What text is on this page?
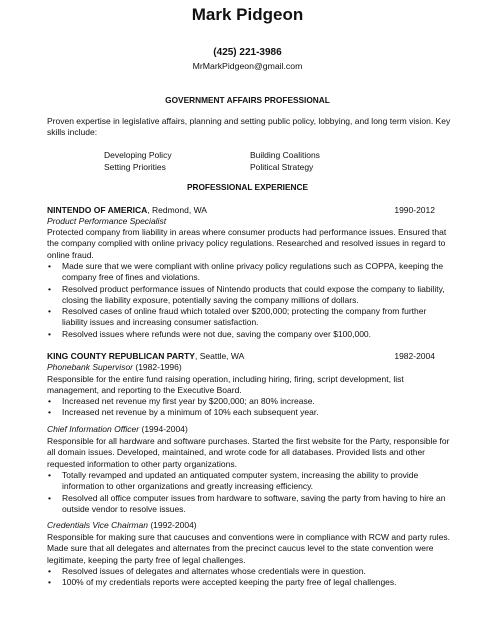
Mark Pidgeon
(425) 221-3986
MrMarkPidgeon@gmail.com
GOVERNMENT AFFAIRS PROFESSIONAL
Proven expertise in legislative affairs, planning and setting public policy, lobbying, and long term vision. Key skills include:
Developing Policy
Setting Priorities
Building Coalitions
Political Strategy
PROFESSIONAL EXPERIENCE
NINTENDO OF AMERICA, Redmond, WA	1990-2012
Product Performance Specialist
Protected company from liability in areas where consumer products had performance issues. Ensured that the company complied with online privacy policy regulations. Researched and resolved issues in regard to online fraud.
• Made sure that we were compliant with online privacy policy regulations such as COPPA, keeping the company free of fines and violations.
• Resolved product performance issues of Nintendo products that could expose the company to liability, closing the liability exposure, potentially saving the company millions of dollars.
• Resolved cases of online fraud which totaled over $200,000; protecting the company from further liability issues and increasing consumer satisfaction.
• Resolved issues where refunds were not due, saving the company over $100,000.
KING COUNTY REPUBLICAN PARTY, Seattle, WA	1982-2004
Phonebank Supervisor (1982-1996)
Responsible for the entire fund raising operation, including hiring, firing, script development, list management, and reporting to the Executive Board.
• Increased net revenue my first year by $200,000; an 80% increase.
• Increased net revenue by a minimum of 10% each subsequent year.
Chief Information Officer (1994-2004)
Responsible for all hardware and software purchases. Started the first website for the Party, responsible for all domain issues. Developed, maintained, and wrote code for all databases. Provided lists and other requested information to other party organizations.
• Totally revamped and updated an antiquated computer system, increasing the ability to provide information to other organizations and greatly increasing efficiency.
• Resolved all office computer issues from hardware to software, saving the party from having to hire an outside vendor to resolve issues.
Credentials Vice Chairman (1992-2004)
Responsible for making sure that caucuses and conventions were in compliance with RCW and party rules. Made sure that all delegates and alternates from the precinct caucus level to the state convention were legitimate, keeping the party free of legal challenges.
• Resolved issues of delegates and alternates whose credentials were in question.
• 100% of my credentials reports were accepted keeping the party free of legal challenges.
